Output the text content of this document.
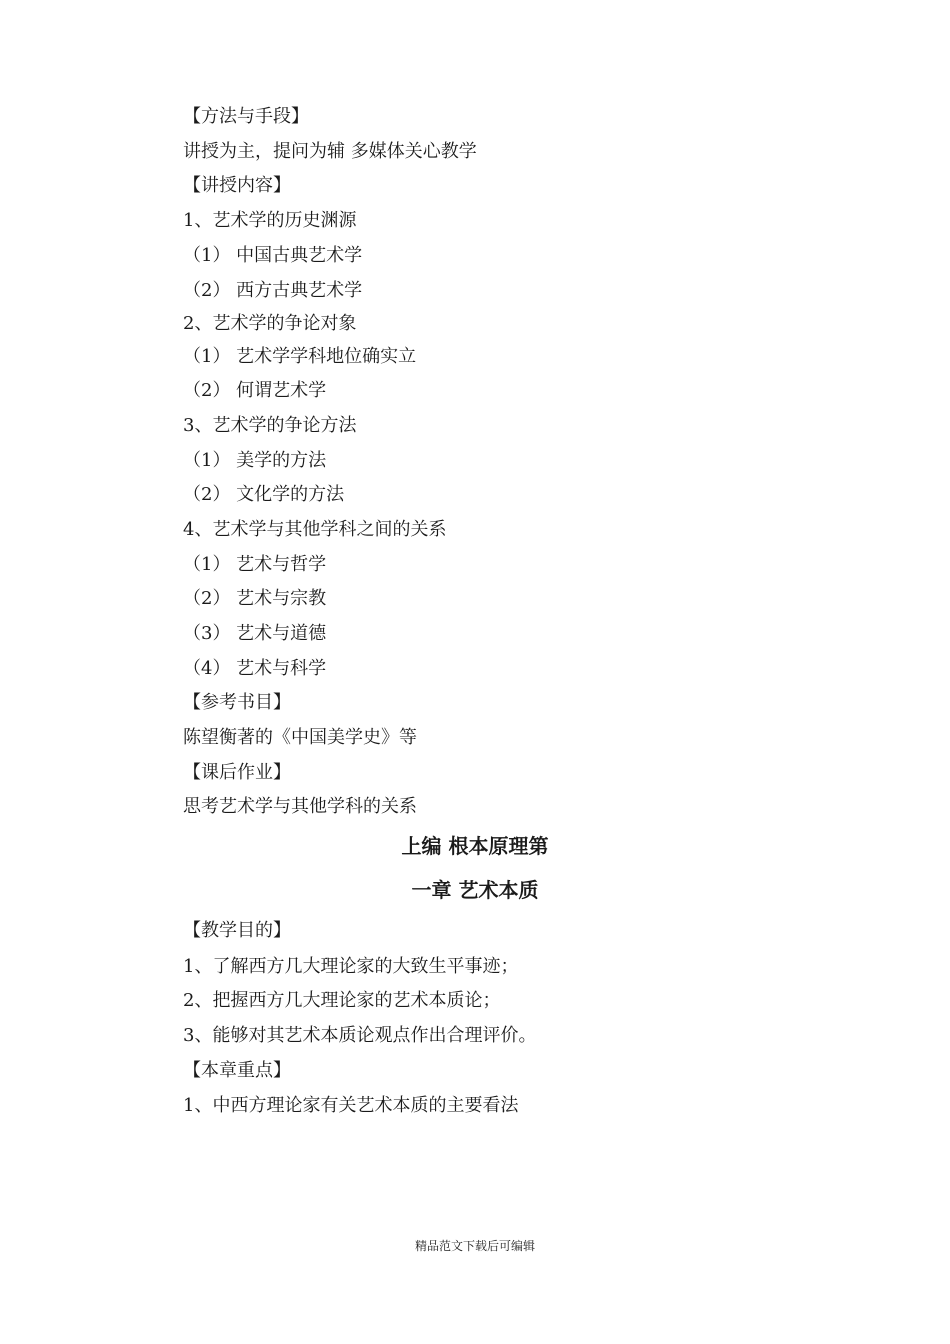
【方法与手段】
讲授为主，提问为辅 多媒体关心教学
【讲授内容】
1、艺术学的历史渊源
（1） 中国古典艺术学
（2） 西方古典艺术学
2、艺术学的争论对象
（1） 艺术学学科地位确实立
（2） 何谓艺术学
3、艺术学的争论方法
（1） 美学的方法
（2） 文化学的方法
4、艺术学与其他学科之间的关系
（1） 艺术与哲学
（2） 艺术与宗教
（3） 艺术与道德
（4） 艺术与科学
【参考书目】
陈望衡著的《中国美学史》等
【课后作业】
思考艺术学与其他学科的关系
上编 根本原理第
一章 艺术本质
【教学目的】
1、了解西方几大理论家的大致生平事迹；
2、把握西方几大理论家的艺术本质论；
3、能够对其艺术本质论观点作出合理评价。
【本章重点】
1、中西方理论家有关艺术本质的主要看法
精品范文下载后可编辑
